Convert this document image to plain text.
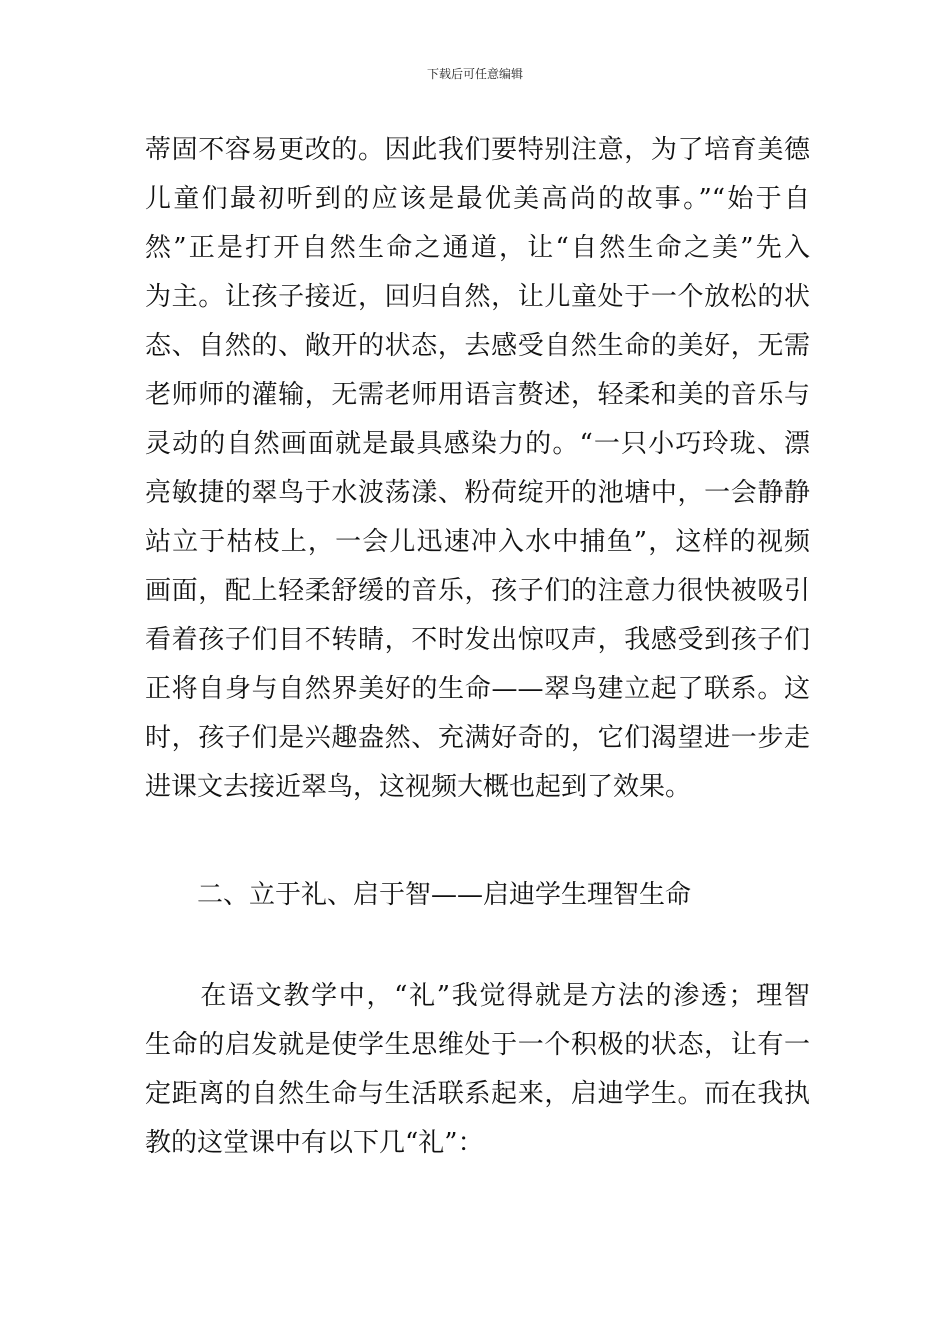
下载后可任意编辑
蒂固不容易更改的。因此我们要特别注意，为了培育美德
儿童们最初听到的应该是最优美高尚的故事。”“始于自
然”正是打开自然生命之通道，让“自然生命之美”先入
为主。让孩子接近，回归自然，让儿童处于一个放松的状
态、自然的、敞开的状态，去感受自然生命的美好，无需
老师师的灌输，无需老师用语言赘述，轻柔和美的音乐与
灵动的自然画面就是最具感染力的。“一只小巧玲珑、漂
亮敏捷的翠鸟于水波荡漾、粉荷绽开的池塘中，一会静静
站立于枯枝上，一会儿迅速冲入水中捕鱼”，这样的视频
画面，配上轻柔舒缓的音乐，孩子们的注意力很快被吸引
看着孩子们目不转睛，不时发出惊叹声，我感受到孩子们
正将自身与自然界美好的生命——翠鸟建立起了联系。这
时，孩子们是兴趣盎然、充满好奇的，它们渴望进一步走
进课文去接近翠鸟，这视频大概也起到了效果。
二、立于礼、启于智——启迪学生理智生命
　　在语文教学中，“礼”我觉得就是方法的渗透；理智
生命的启发就是使学生思维处于一个积极的状态，让有一
定距离的自然生命与生活联系起来，启迪学生。而在我执
教的这堂课中有以下几“礼”：
